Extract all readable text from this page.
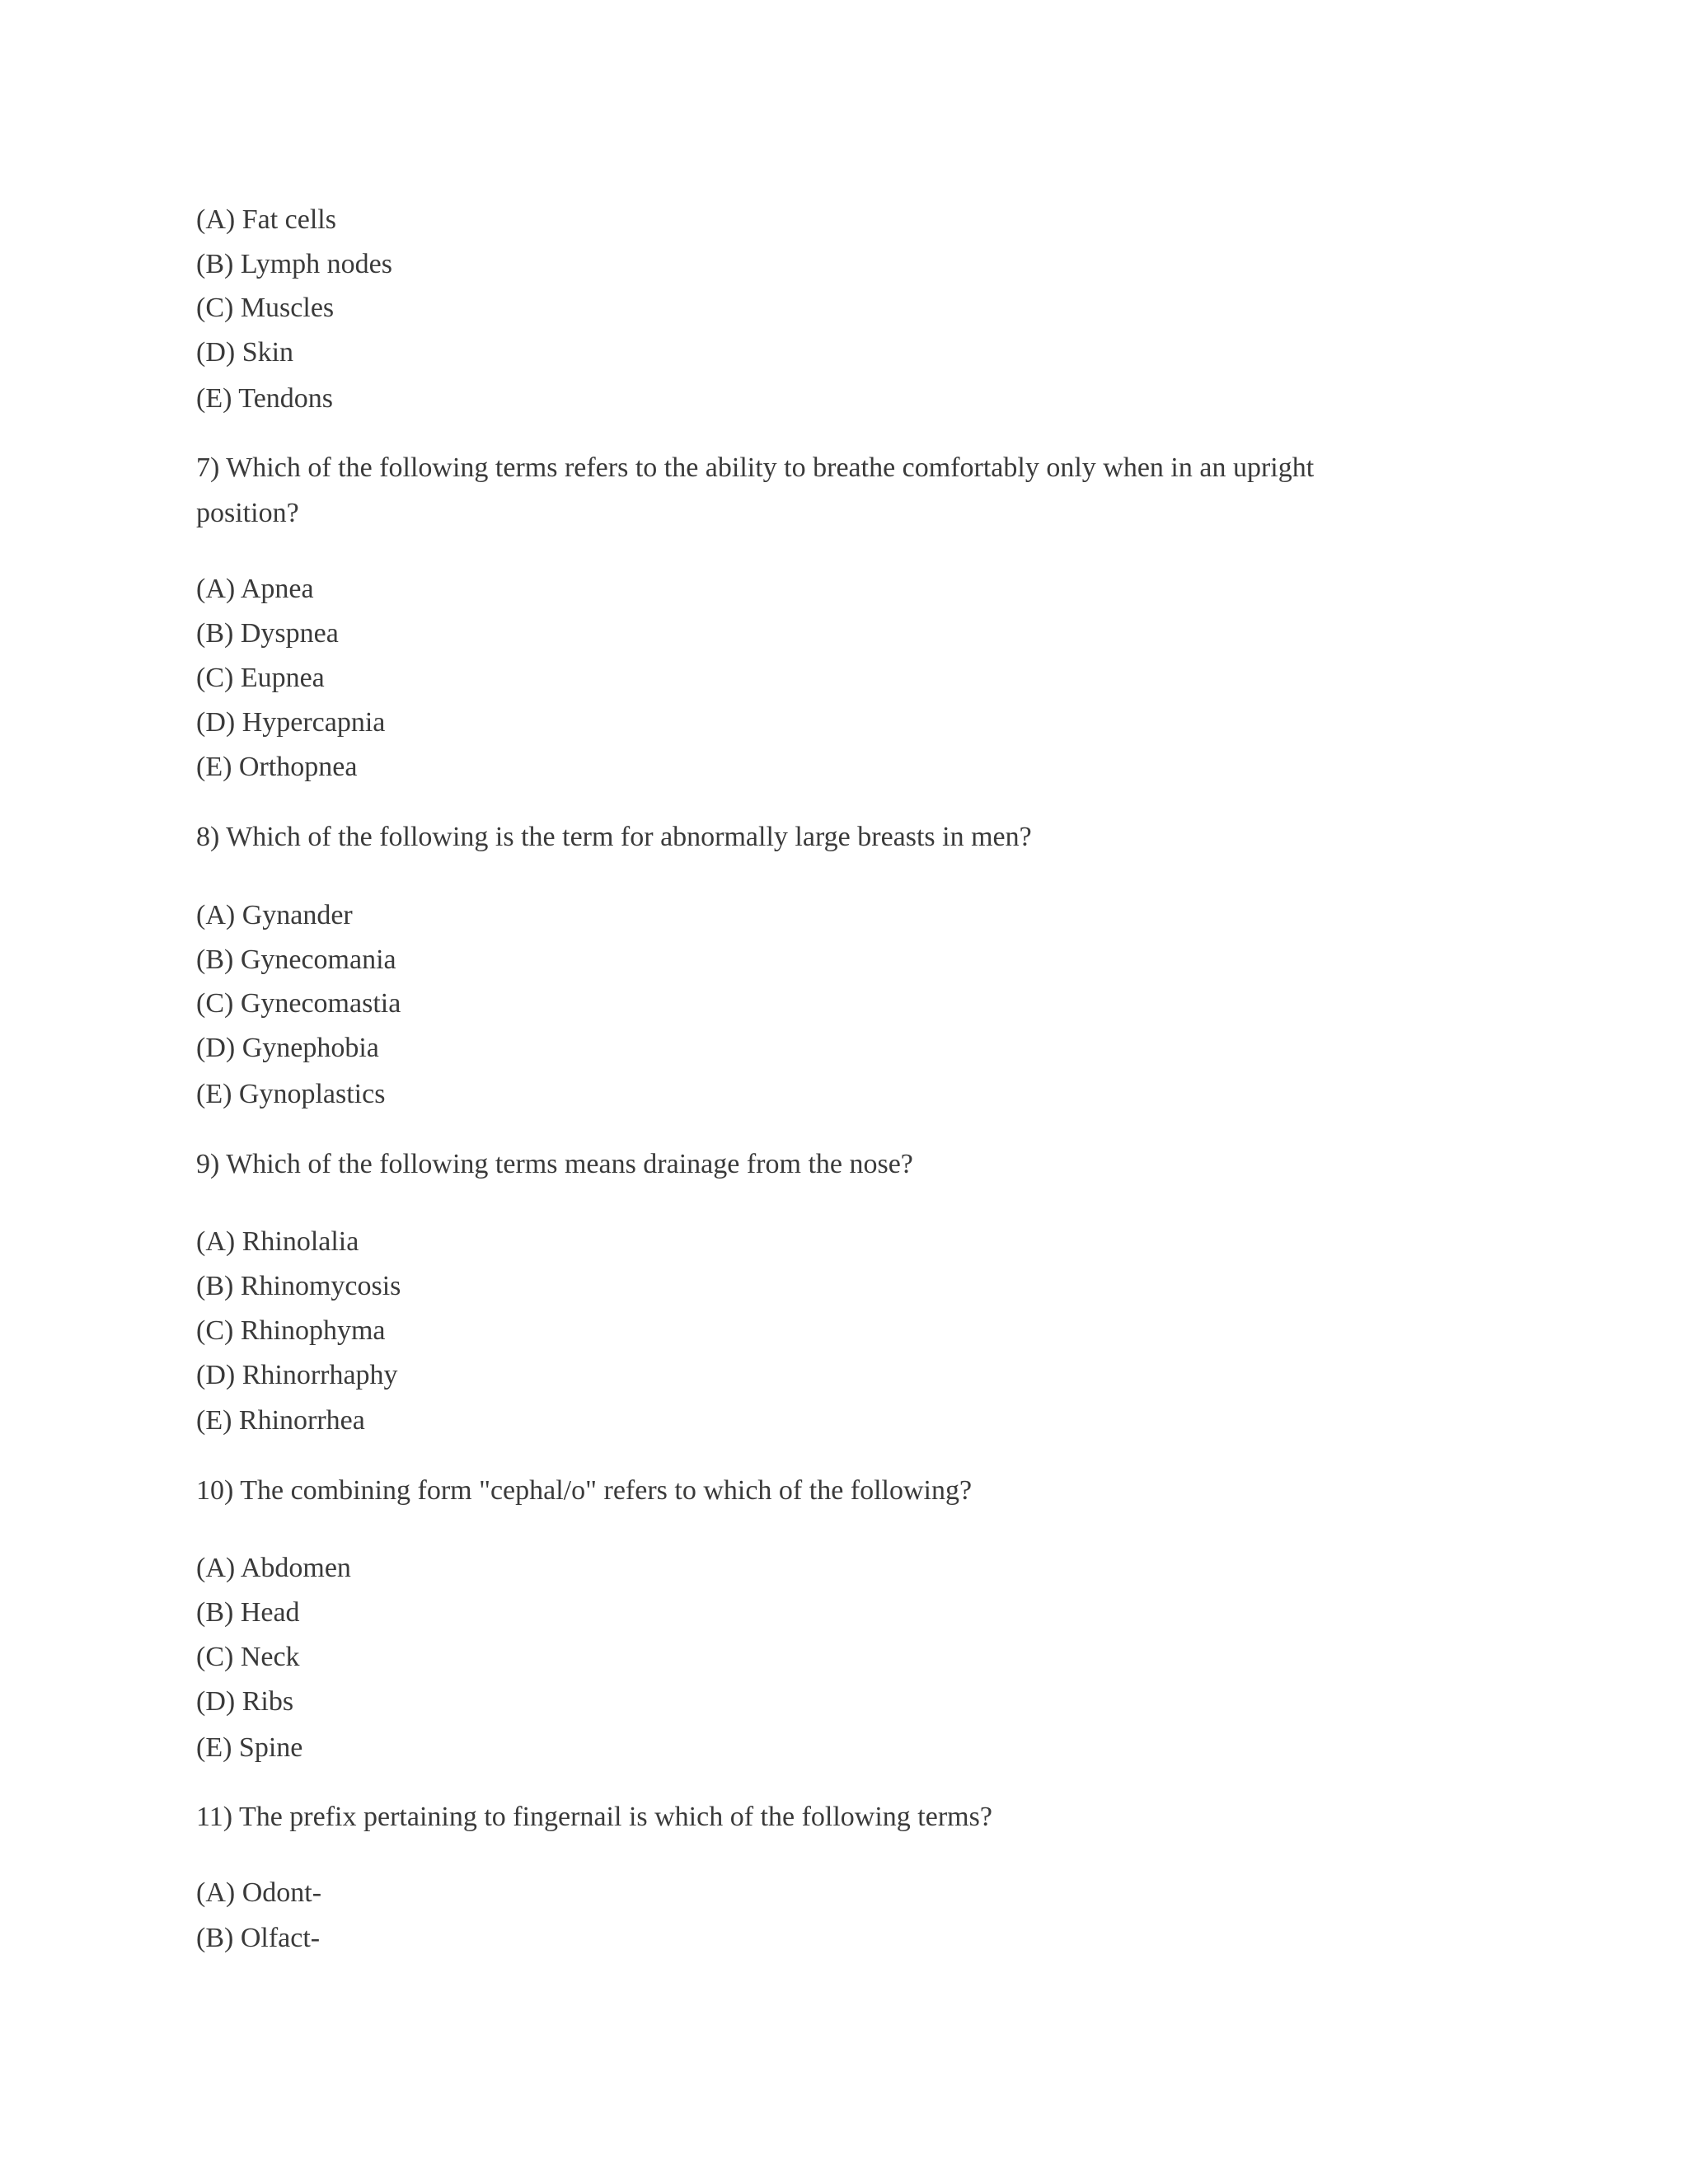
(A) Fat cells
(B) Lymph nodes
(C) Muscles
(D) Skin
(E) Tendons
7) Which of the following terms refers to the ability to breathe comfortably only when in an upright
position?
(A) Apnea
(B) Dyspnea
(C) Eupnea
(D) Hypercapnia
(E) Orthopnea
8) Which of the following is the term for abnormally large breasts in men?
(A) Gynander
(B) Gynecomania
(C) Gynecomastia
(D) Gynephobia
(E) Gynoplastics
9) Which of the following terms means drainage from the nose?
(A) Rhinolalia
(B) Rhinomycosis
(C) Rhinophyma
(D) Rhinorrhaphy
(E) Rhinorrhea
10) The combining form "cephal/o" refers to which of the following?
(A) Abdomen
(B) Head
(C) Neck
(D) Ribs
(E) Spine
11) The prefix pertaining to fingernail is which of the following terms?
(A) Odont-
(B) Olfact-
